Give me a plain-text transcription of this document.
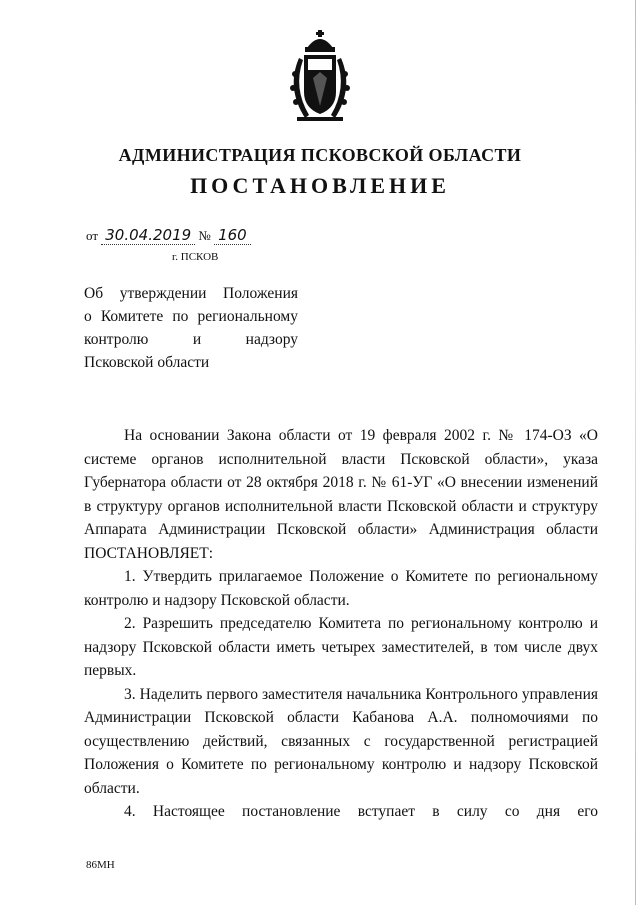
АДМИНИСТРАЦИЯ ПСКОВСКОЙ ОБЛАСТИ
ПОСТАНОВЛЕНИЕ
от 30.04.2019 № 160
г. ПСКОВ
Об утверждении Положения
о Комитете по региональному
контролю и надзору
Псковской области

На основании Закона области от 19 февраля 2002 г. № 174-ОЗ «О системе органов исполнительной власти Псковской области», указа Губернатора области от 28 октября 2018 г. № 61-УГ «О внесении изменений в структуру органов исполнительной власти Псковской области и структуру Аппарата Администрации Псковской области» Администрация области ПОСТАНОВЛЯЕТ:

1. Утвердить прилагаемое Положение о Комитете по региональному контролю и надзору Псковской области.

2. Разрешить председателю Комитета по региональному контролю и надзору Псковской области иметь четырех заместителей, в том числе двух первых.

3. Наделить первого заместителя начальника Контрольного управления Администрации Псковской области Кабанова А.А. полномочиями по осуществлению действий, связанных с государственной регистрацией Положения о Комитете по региональному контролю и надзору Псковской области.

4. Настоящее постановление вступает в силу со дня его

86МН
